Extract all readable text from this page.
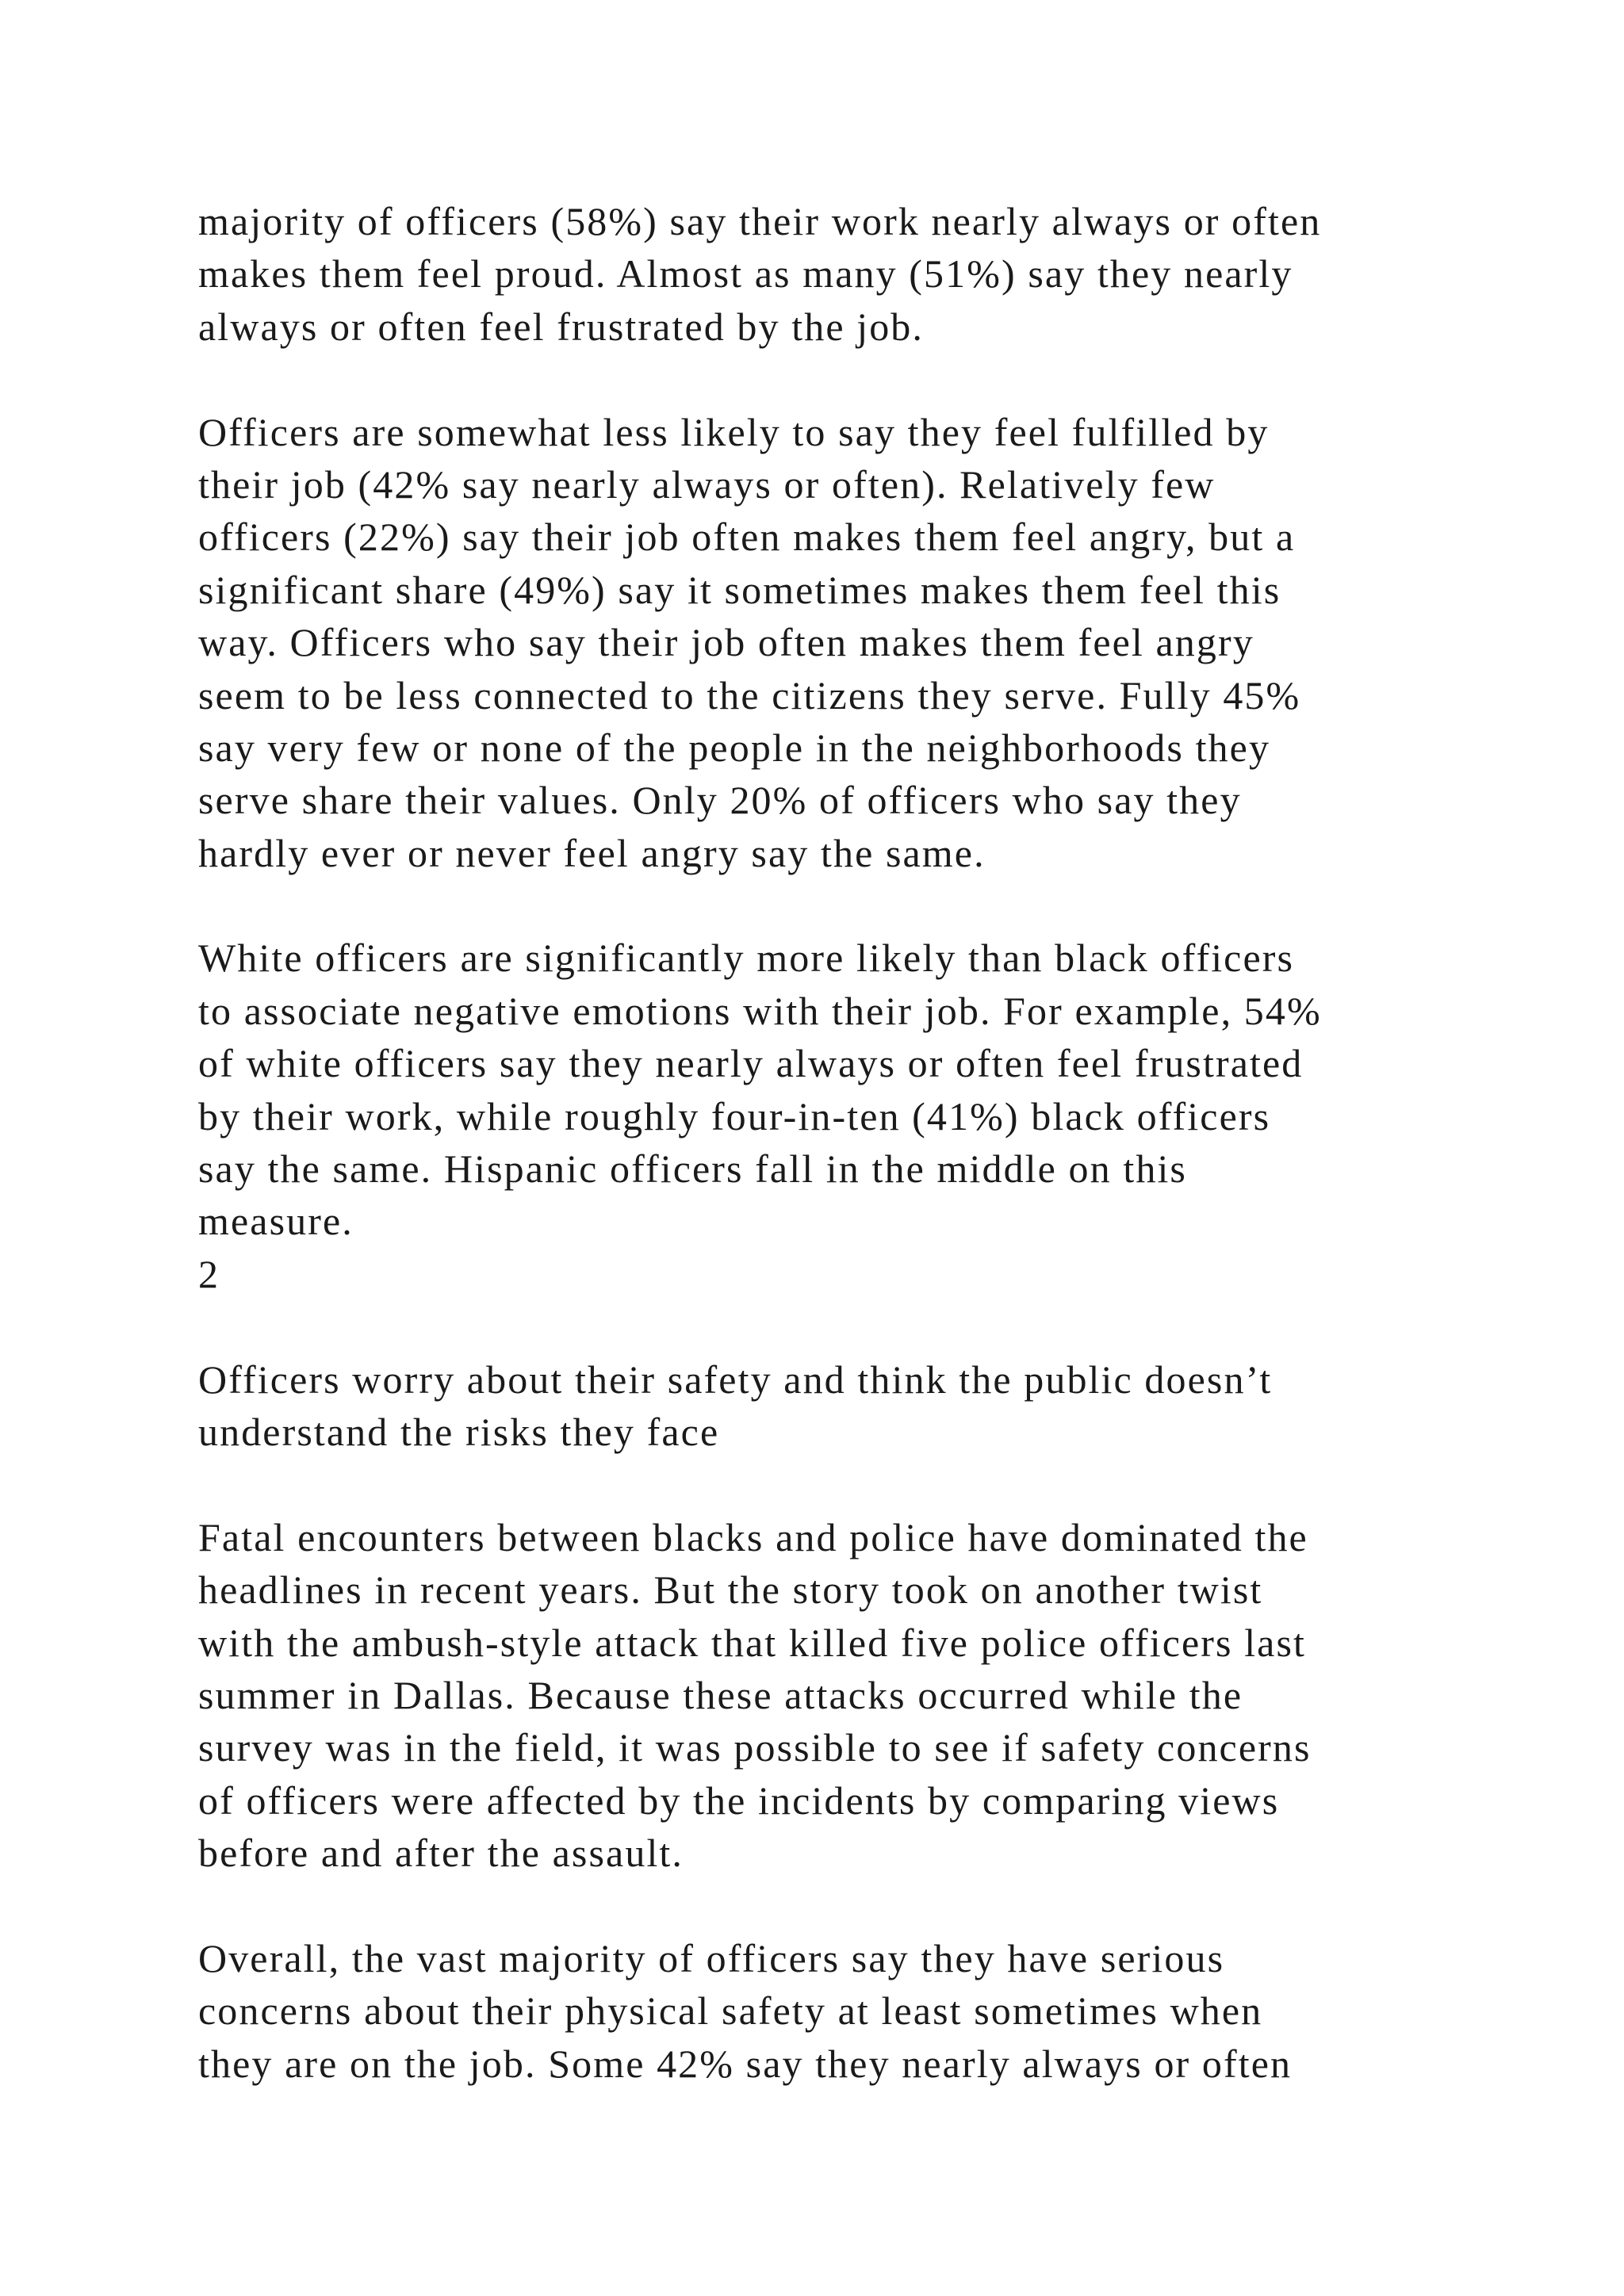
majority of officers (58%) say their work nearly always or often
makes them feel proud. Almost as many (51%) say they nearly
always or often feel frustrated by the job.
Officers are somewhat less likely to say they feel fulfilled by
their job (42% say nearly always or often). Relatively few
officers (22%) say their job often makes them feel angry, but a
significant share (49%) say it sometimes makes them feel this
way. Officers who say their job often makes them feel angry
seem to be less connected to the citizens they serve. Fully 45%
say very few or none of the people in the neighborhoods they
serve share their values. Only 20% of officers who say they
hardly ever or never feel angry say the same.
White officers are significantly more likely than black officers
to associate negative emotions with their job. For example, 54%
of white officers say they nearly always or often feel frustrated
by their work, while roughly four-in-ten (41%) black officers
say the same. Hispanic officers fall in the middle on this
measure.
2
Officers worry about their safety and think the public doesn’t
understand the risks they face
Fatal encounters between blacks and police have dominated the
headlines in recent years. But the story took on another twist
with the ambush-style attack that killed five police officers last
summer in Dallas. Because these attacks occurred while the
survey was in the field, it was possible to see if safety concerns
of officers were affected by the incidents by comparing views
before and after the assault.
Overall, the vast majority of officers say they have serious
concerns about their physical safety at least sometimes when
they are on the job. Some 42% say they nearly always or often
